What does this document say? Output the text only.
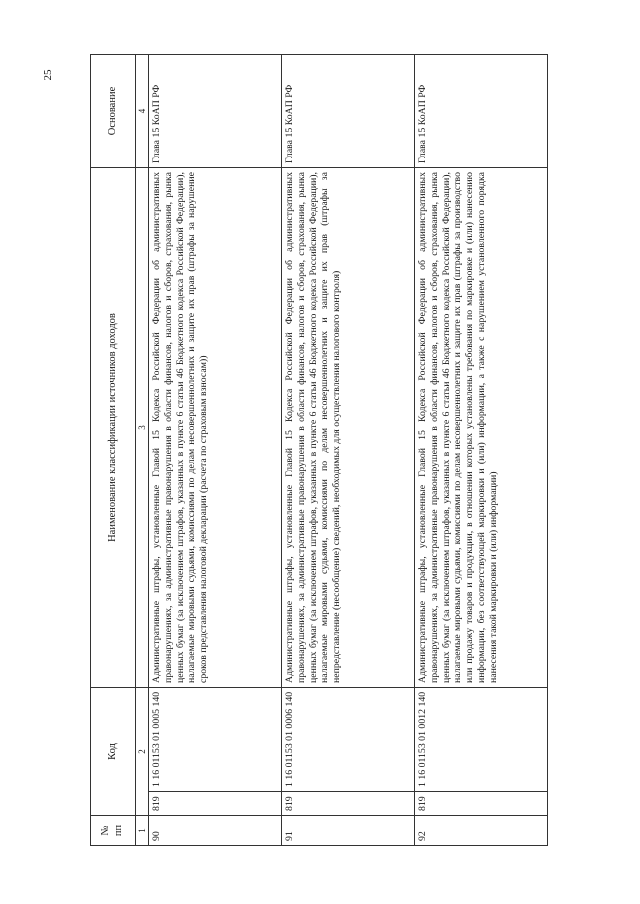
25
№ пп	Код		Наименование классификации источников доходов	Основание
1	2		3	4
90	819	1 16 01153 01 0005 140	Административные штрафы, установленные Главой 15 Кодекса Российской Федерации об административных правонарушениях, за административные правонарушения в области финансов, налогов и сборов, страхования, рынка ценных бумаг (за исключением штрафов, указанных в пункте 6 статьи 46 Бюджетного кодекса Российской Федерации), налагаемые мировыми судьями, комиссиями по делам несовершеннолетних и защите их прав (штрафы за нарушение сроков представления налоговой декларации (расчета по страховым взносам))	Глава 15 КоАП РФ
91	819	1 16 01153 01 0006 140	Административные штрафы, установленные Главой 15 Кодекса Российской Федерации об административных правонарушениях, за административные правонарушения в области финансов, налогов и сборов, страхования, рынка ценных бумаг (за исключением штрафов, указанных в пункте 6 статьи 46 Бюджетного кодекса Российской Федерации), налагаемые мировыми судьями, комиссиями по делам несовершеннолетних и защите их прав (штрафы за непредставление (несообщение) сведений, необходимых для осуществления налогового контроля)	Глава 15 КоАП РФ
92	819	1 16 01153 01 0012 140	Административные штрафы, установленные Главой 15 Кодекса Российской Федерации об административных правонарушениях, за административные правонарушения в области финансов, налогов и сборов, страхования, рынка ценных бумаг (за исключением штрафов, указанных в пункте 6 статьи 46 Бюджетного кодекса Российской Федерации), налагаемые мировыми судьями, комиссиями по делам несовершеннолетних и защите их прав (штрафы за производство или продажу товаров и продукции, в отношении которых установлены требования по маркировке и (или) нанесению информации, без соответствующей маркировки и (или) информации, а также с нарушением установленного порядка нанесения такой маркировки и (или) информации)	Глава 15 КоАП РФ
